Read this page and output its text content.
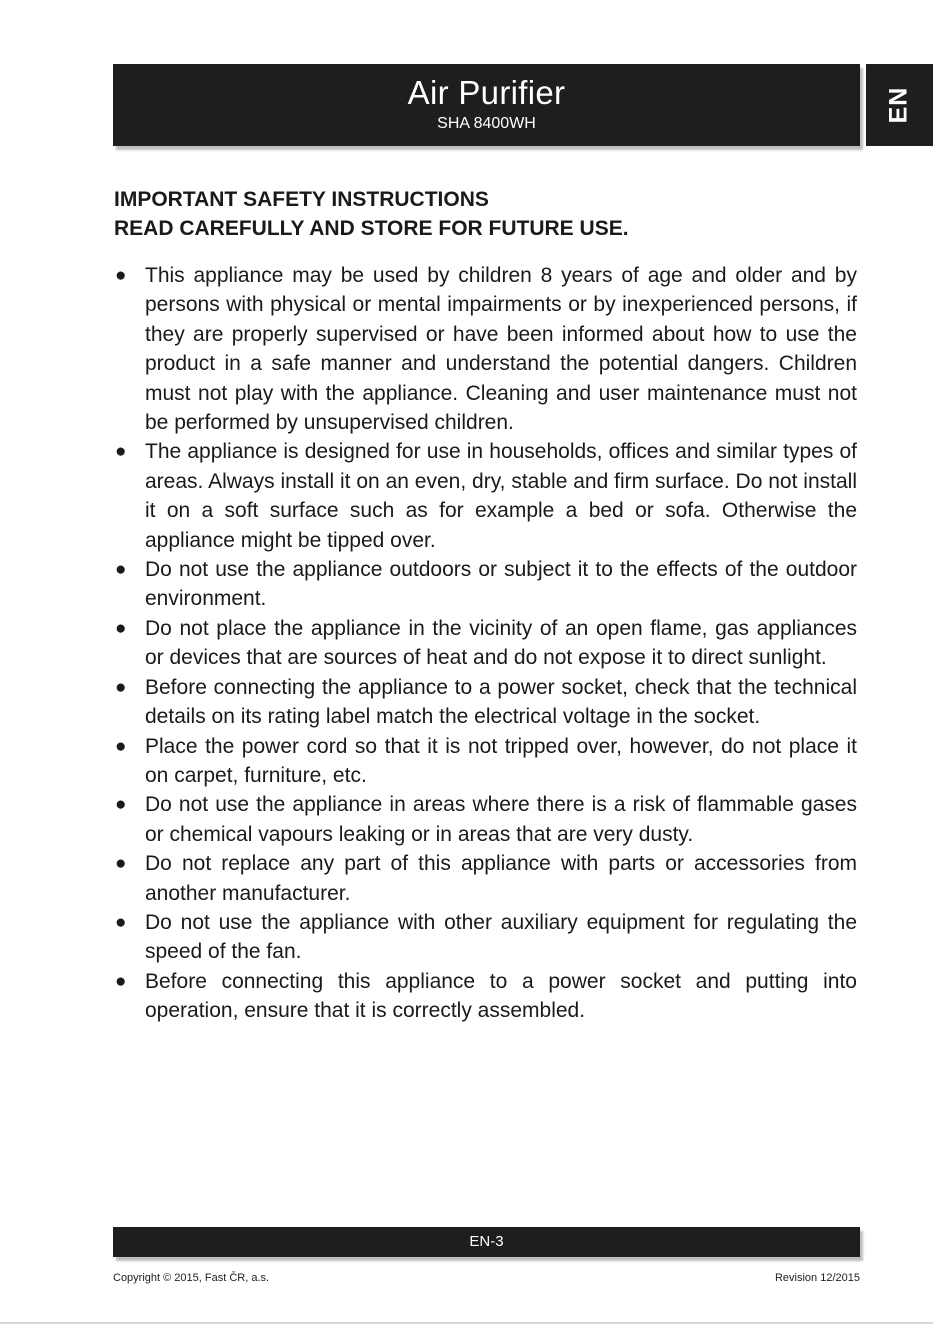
Air Purifier
SHA 8400WH
EN
IMPORTANT SAFETY INSTRUCTIONS
READ CAREFULLY AND STORE FOR FUTURE USE.
● This appliance may be used by children 8 years of age and older and by persons with physical or mental impairments or by inexperienced persons, if they are properly supervised or have been informed about how to use the product in a safe manner and understand the potential dangers. Children must not play with the appliance. Cleaning and user maintenance must not be performed by unsupervised children.
● The appliance is designed for use in households, offices and similar types of areas. Always install it on an even, dry, stable and firm surface. Do not install it on a soft surface such as for example a bed or sofa. Otherwise the appliance might be tipped over.
● Do not use the appliance outdoors or subject it to the effects of the outdoor environment.
● Do not place the appliance in the vicinity of an open flame, gas appliances or devices that are sources of heat and do not expose it to direct sunlight.
● Before connecting the appliance to a power socket, check that the technical details on its rating label match the electrical voltage in the socket.
● Place the power cord so that it is not tripped over, however, do not place it on carpet, furniture, etc.
● Do not use the appliance in areas where there is a risk of flammable gases or chemical vapours leaking or in areas that are very dusty.
● Do not replace any part of this appliance with parts or accessories from another manufacturer.
● Do not use the appliance with other auxiliary equipment for regulating the speed of the fan.
● Before connecting this appliance to a power socket and putting into operation, ensure that it is correctly assembled.
EN-3
Copyright © 2015, Fast ČR, a.s.	Revision 12/2015
